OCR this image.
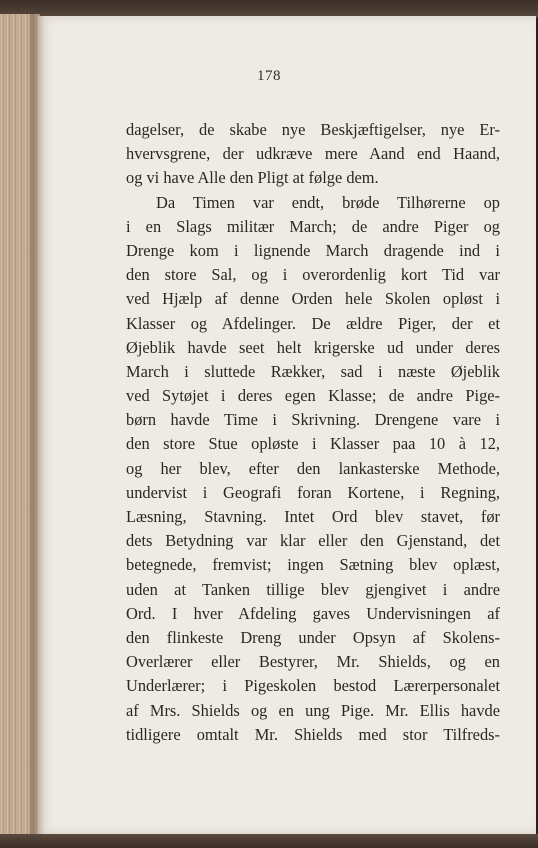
178
dagelser, de skabe nye Beskjæftigelser, nye Er-
hvervsgrene, der udkræve mere Aand end Haand,
og vi have Alle den Pligt at følge dem.
Da Timen var endt, brøde Tilhørerne op
i en Slags militær March; de andre Piger og
Drenge kom i lignende March dragende ind i
den store Sal, og i overordenlig kort Tid var
ved Hjælp af denne Orden hele Skolen opløst i
Klasser og Afdelinger. De ældre Piger, der et
Øjeblik havde seet helt krigerske ud under deres
March i sluttede Rækker, sad i næste Øjeblik
ved Sytøjet i deres egen Klasse; de andre Pige-
børn havde Time i Skrivning. Drengene vare i
den store Stue opløste i Klasser paa 10 à 12,
og her blev, efter den lankasterske Methode,
undervist i Geografi foran Kortene, i Regning,
Læsning, Stavning. Intet Ord blev stavet, før
dets Betydning var klar eller den Gjenstand, det
betegnede, fremvist; ingen Sætning blev oplæst,
uden at Tanken tillige blev gjengivet i andre
Ord. I hver Afdeling gaves Undervisningen af
den flinkeste Dreng under Opsyn af Skolens-
Overlærer eller Bestyrer, Mr. Shields, og en
Underlærer; i Pigeskolen bestod Lærerpersonalet
af Mrs. Shields og en ung Pige. Mr. Ellis havde
tidligere omtalt Mr. Shields med stor Tilfreds-
